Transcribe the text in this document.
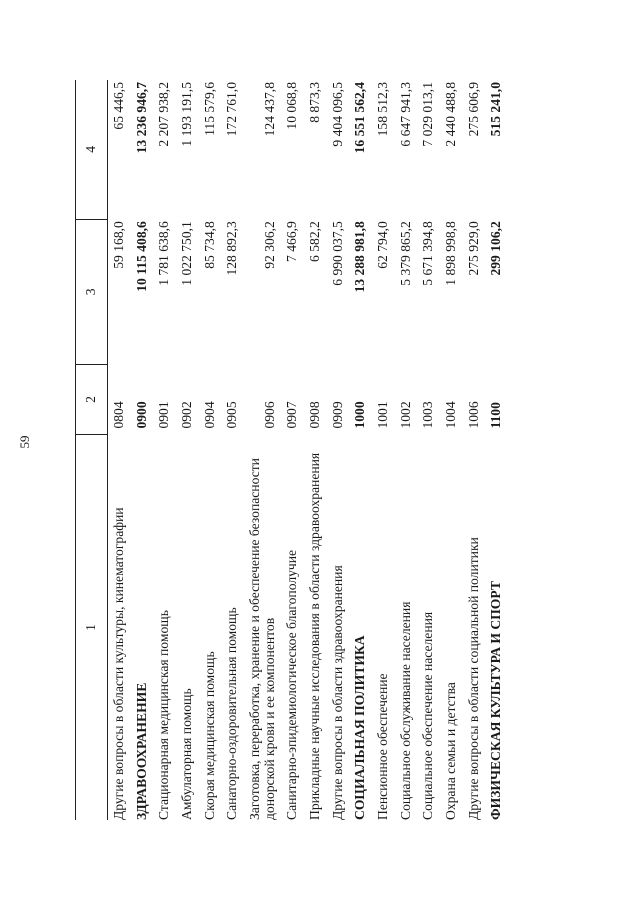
59
1	2	3	4
Другие вопросы в области культуры, кинематографии	0804	59 168,0	65 446,5
ЗДРАВООХРАНЕНИЕ	0900	10 115 408,6	13 236 946,7
Стационарная медицинская помощь	0901	1 781 638,6	2 207 938,2
Амбулаторная помощь	0902	1 022 750,1	1 193 191,5
Скорая медицинская помощь	0904	85 734,8	115 579,6
Санаторно-оздоровительная помощь	0905	128 892,3	172 761,0
Заготовка, переработка, хранение и обеспечение безопасности донорской крови и ее компонентов	0906	92 306,2	124 437,8
Санитарно-эпидемиологическое благополучие	0907	7 466,9	10 068,8
Прикладные научные исследования в области здравоохранения	0908	6 582,2	8 873,3
Другие вопросы в области здравоохранения	0909	6 990 037,5	9 404 096,5
СОЦИАЛЬНАЯ ПОЛИТИКА	1000	13 288 981,8	16 551 562,4
Пенсионное обеспечение	1001	62 794,0	158 512,3
Социальное обслуживание населения	1002	5 379 865,2	6 647 941,3
Социальное обеспечение населения	1003	5 671 394,8	7 029 013,1
Охрана семьи и детства	1004	1 898 998,8	2 440 488,8
Другие вопросы в области социальной политики	1006	275 929,0	275 606,9
ФИЗИЧЕСКАЯ КУЛЬТУРА И СПОРТ	1100	299 106,2	515 241,0
